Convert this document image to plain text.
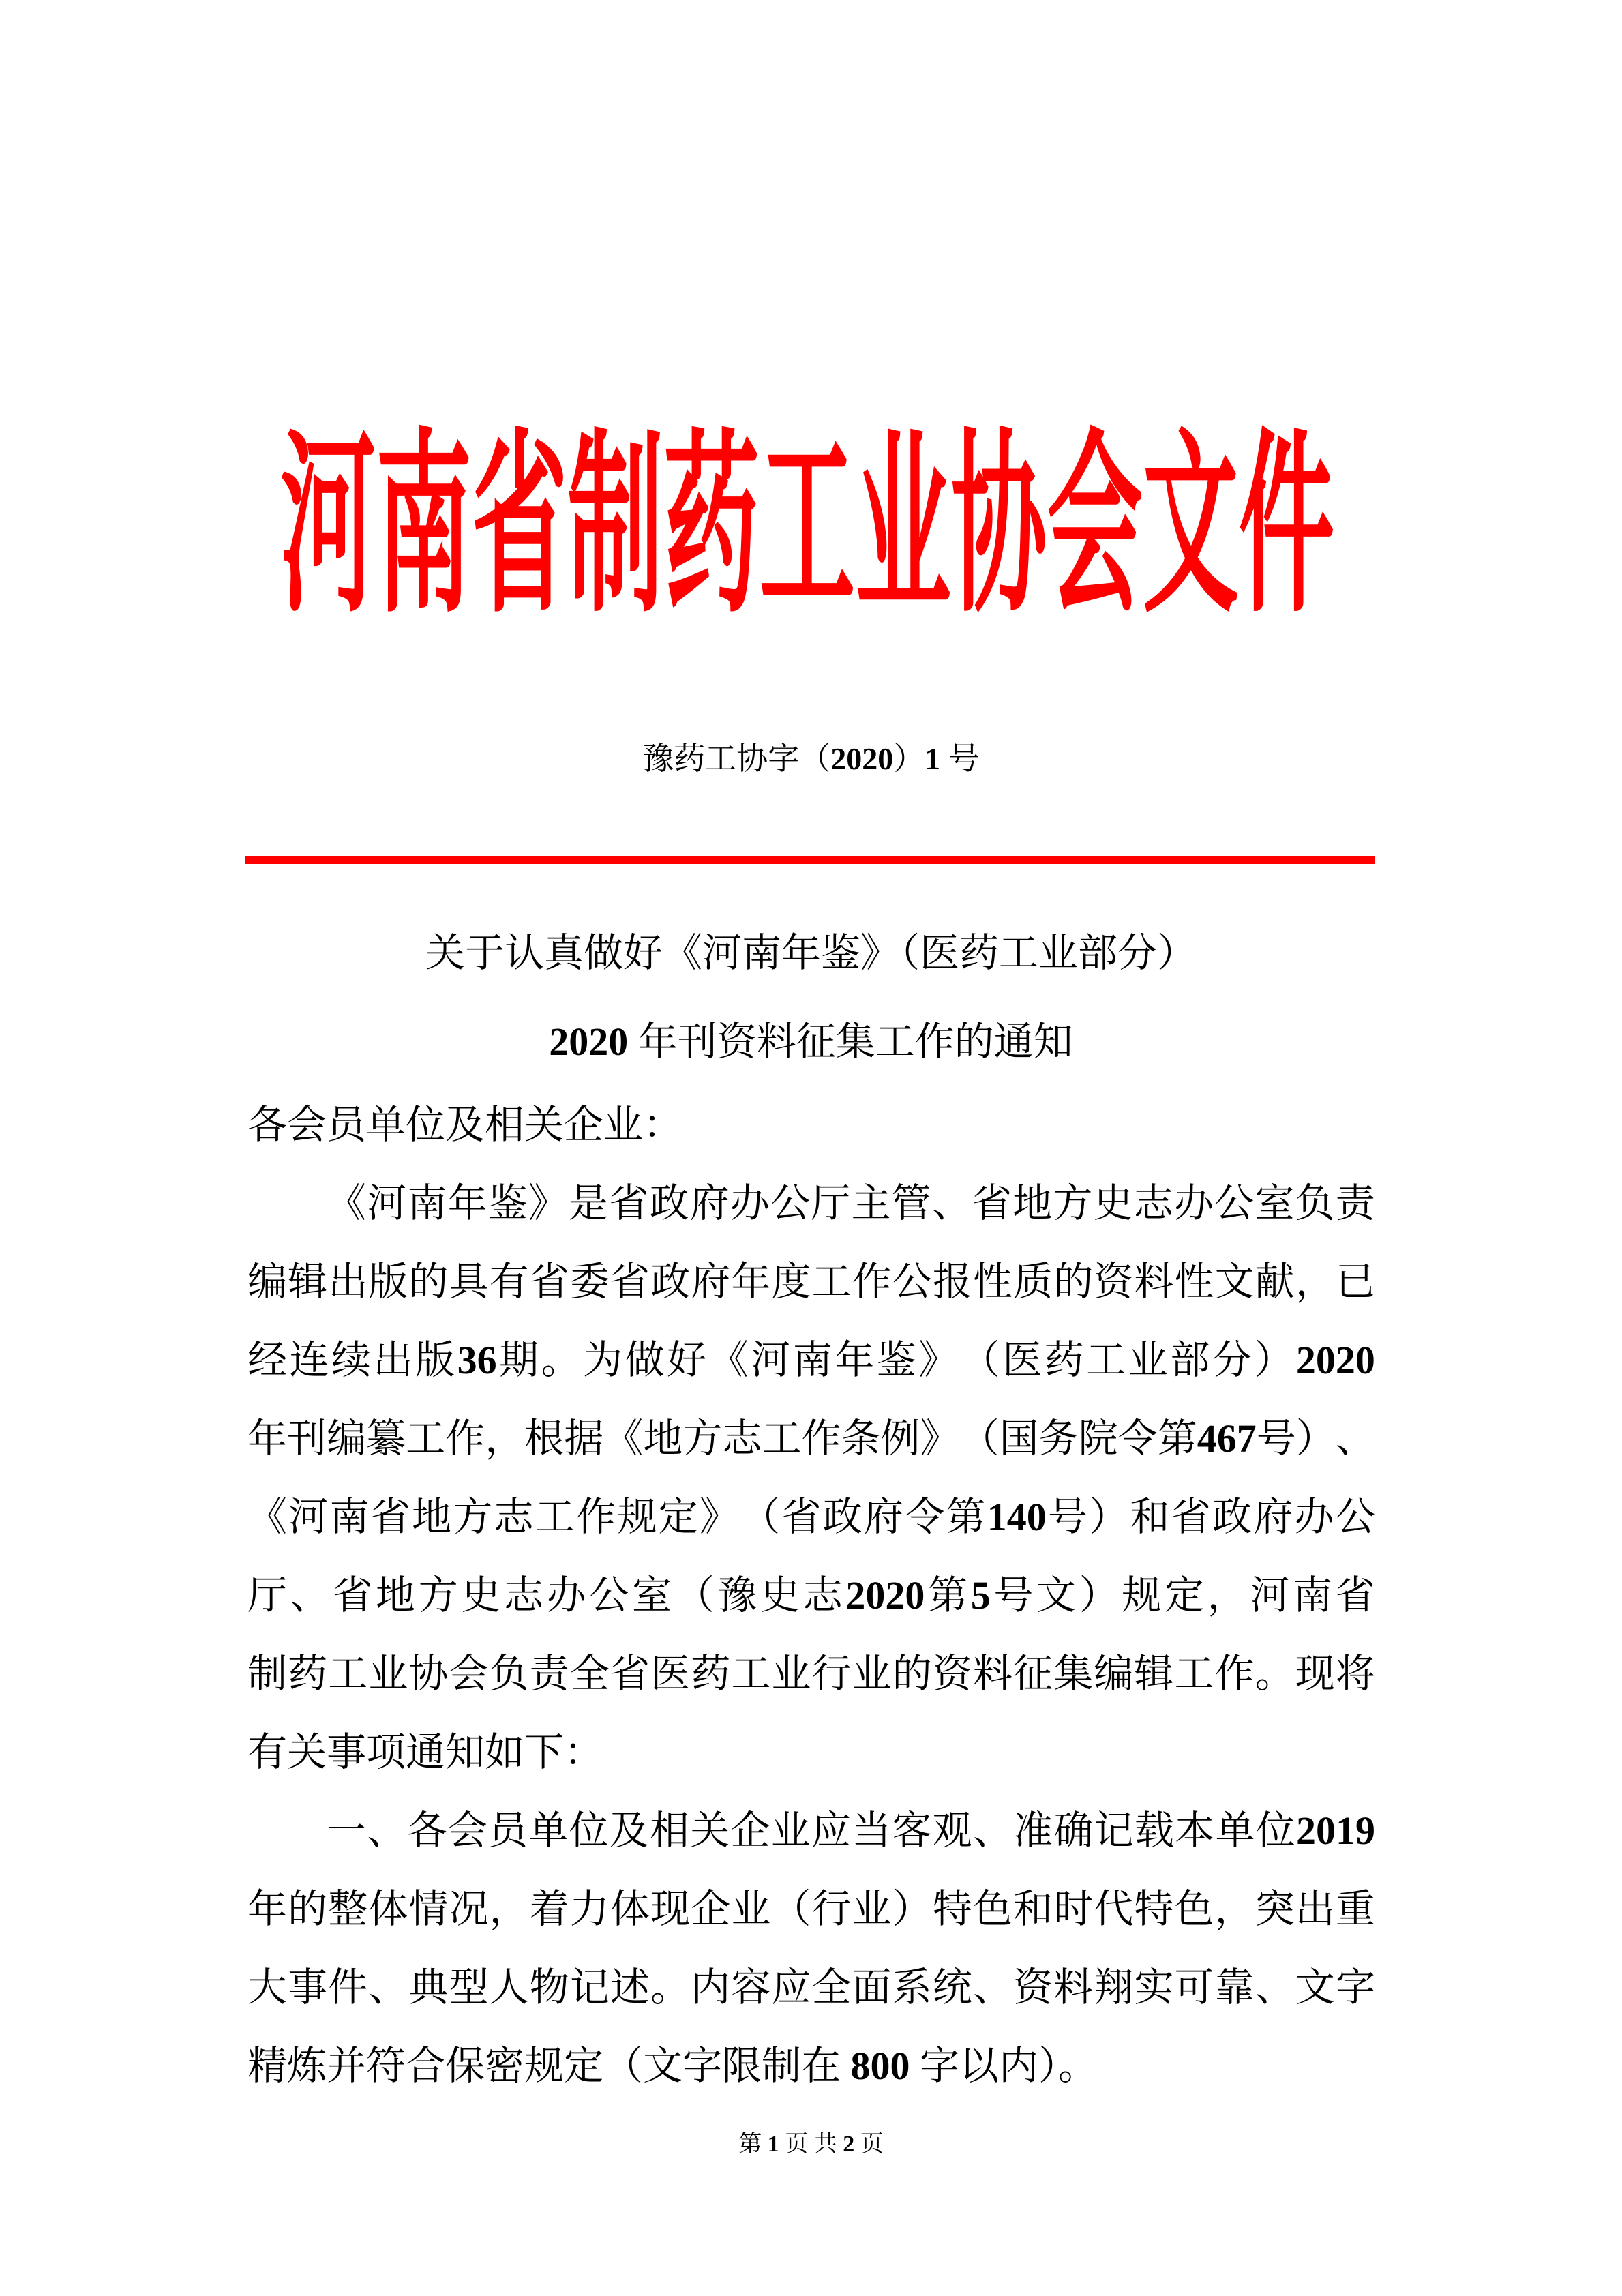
河 南 省 制 药 工 业 协 会 文 件
豫药工协字（2020）1 号
关于认真做好《河南年鉴》（医药工业部分）
2020 年刊资料征集工作的通知
各会员单位及相关企业：
《 河 南 年 鉴 》 是 省 政 府 办 公 厅 主 管 、 省 地 方 史 志 办 公 室 负 责
编 辑 出 版 的 具 有 省 委 省 政 府 年 度 工 作 公 报 性 质 的 资 料 性 文 献 ， 已
经 连 续 出 版 36 期 。 为 做 好 《 河 南 年 鉴 》 （ 医 药 工 业 部 分 ） 2020
年 刊 编 纂 工 作 ， 根 据 《 地 方 志 工 作 条 例 》 （ 国 务 院 令 第 467 号 ） 、
《 河 南 省 地 方 志 工 作 规 定 》 （ 省 政 府 令 第 140 号 ） 和 省 政 府 办 公
厅 、 省 地 方 史 志 办 公 室 （ 豫 史 志 2020 第 5 号 文 ） 规 定 ， 河 南 省
制 药 工 业 协 会 负 责 全 省 医 药 工 业 行 业 的 资 料 征 集 编 辑 工 作 。 现 将
有关事项通知如下：
一 、 各 会 员 单 位 及 相 关 企 业 应 当 客 观 、 准 确 记 载 本 单 位 2019
年 的 整 体 情 况 ， 着 力 体 现 企 业 （ 行 业 ） 特 色 和 时 代 特 色 ， 突 出 重
大 事 件 、 典 型 人 物 记 述 。 内 容 应 全 面 系 统 、 资 料 翔 实 可 靠 、 文 字
精炼并符合保密规定（文字限制在 800 字以内）。
第 1 页 共 2 页
